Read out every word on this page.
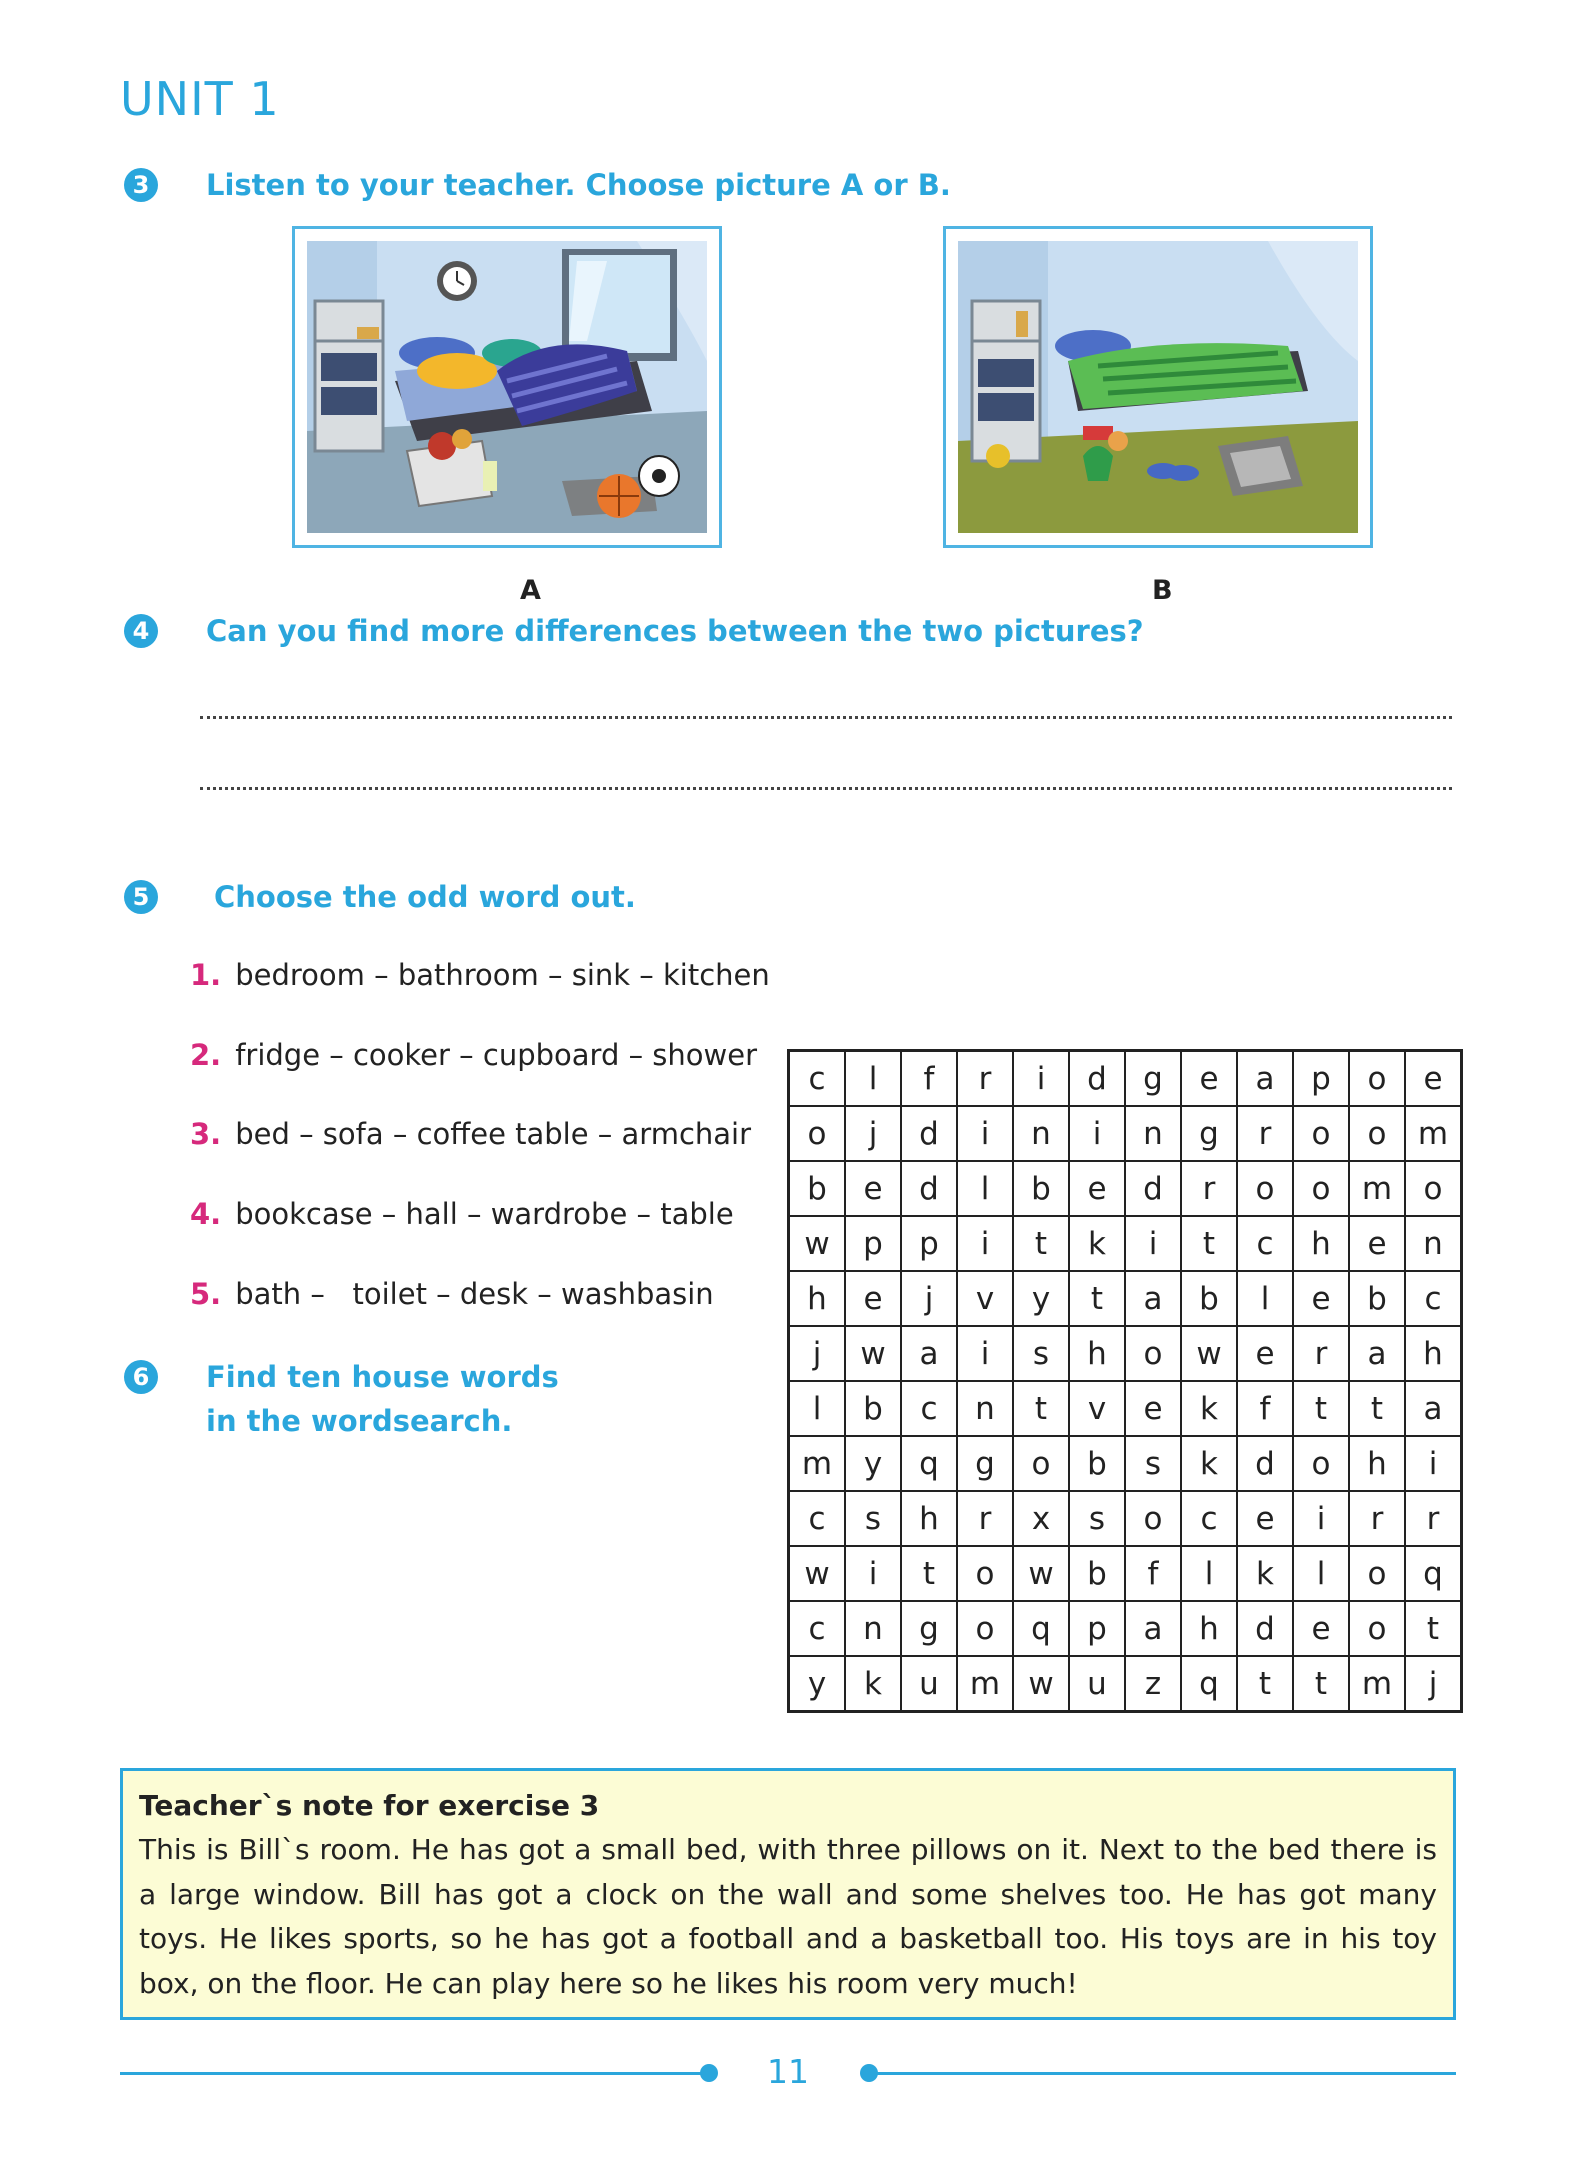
UNIT 1
3 Listen to your teacher. Choose picture A or B.
A	B
4 Can you find more differences between the two pictures?
5 Choose the odd word out.
1. bedroom – bathroom – sink – kitchen
2. fridge – cooker – cupboard – shower
3. bed – sofa – coffee table – armchair
4. bookcase – hall – wardrobe – table
5. bath –   toilet – desk – washbasin
6 Find ten house words
in the wordsearch.
c	l	f	r	i	d	g	e	a	p	o	e
o	j	d	i	n	i	n	g	r	o	o	m
b	e	d	l	b	e	d	r	o	o	m	o
w	p	p	i	t	k	i	t	c	h	e	n
h	e	j	v	y	t	a	b	l	e	b	c
j	w	a	i	s	h	o	w	e	r	a	h
l	b	c	n	t	v	e	k	f	t	t	a
m	y	q	g	o	b	s	k	d	o	h	i
c	s	h	r	x	s	o	c	e	i	r	r
w	i	t	o	w	b	f	l	k	l	o	q
c	n	g	o	q	p	a	h	d	e	o	t
y	k	u	m	w	u	z	q	t	t	m	j
Teacher`s note for exercise 3
This is Bill`s room. He has got a small bed, with three pillows on it. Next to the bed there is a large window. Bill has got a clock on the wall and some shelves too. He has got many toys. He likes sports, so he has got a football and a basketball too. His toys are in his toy box, on the floor. He can play here so he likes his room very much!
11
